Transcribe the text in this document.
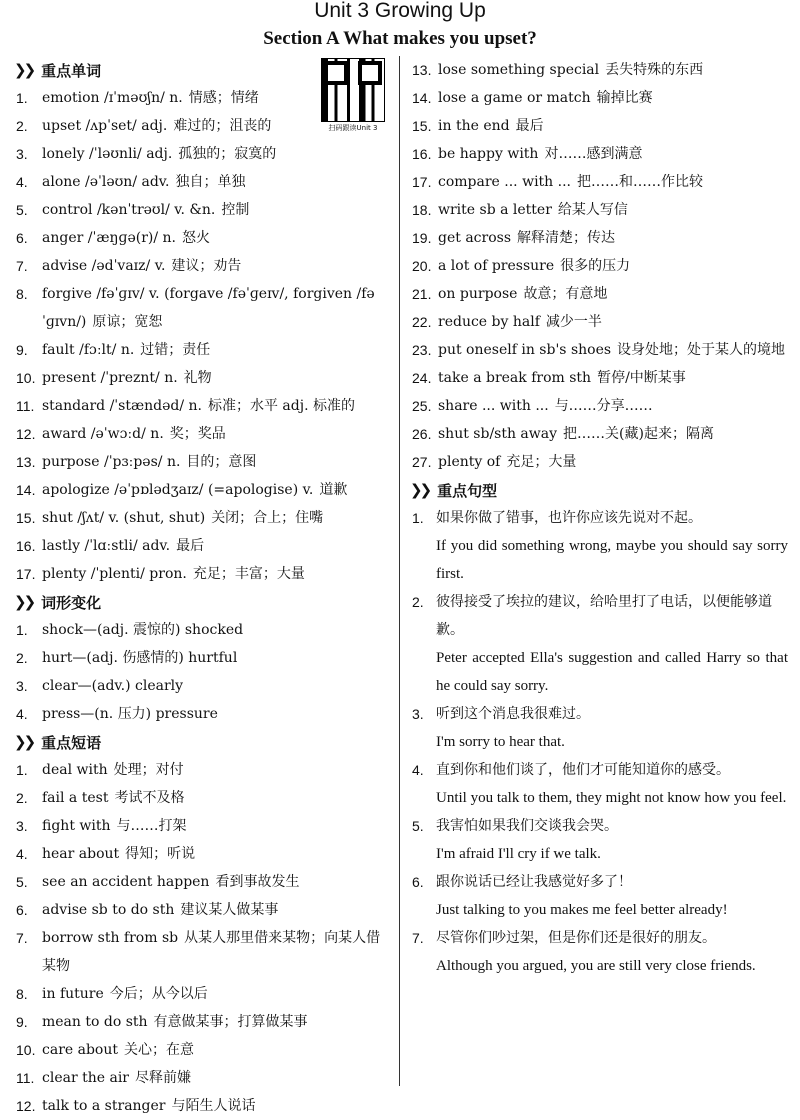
Unit 3 Growing Up
Section A What makes you upset?
扫码跟读Unit 3
❯❯ 重点单词
1. emotion /ɪˈməʊʃn/ n. 情感；情绪
2. upset /ʌpˈset/ adj. 难过的；沮丧的
3. lonely /ˈləʊnli/ adj. 孤独的；寂寞的
4. alone /əˈləʊn/ adv. 独自；单独
5. control /kənˈtrəʊl/ v. &n. 控制
6. anger /ˈæŋɡə(r)/ n. 怒火
7. advise /ədˈvaɪz/ v. 建议；劝告
8. forgive /fəˈɡɪv/ v. (forgave /fəˈɡeɪv/, forgiven /fəˈɡɪvn/) 原谅；宽恕
9. fault /fɔːlt/ n. 过错；责任
10. present /ˈpreznt/ n. 礼物
11. standard /ˈstændəd/ n. 标准；水平 adj. 标准的
12. award /əˈwɔːd/ n. 奖；奖品
13. purpose /ˈpɜːpəs/ n. 目的；意图
14. apologize /əˈpɒlədʒaɪz/ (=apologise) v. 道歉
15. shut /ʃʌt/ v. (shut, shut) 关闭；合上；住嘴
16. lastly /ˈlɑːstli/ adv. 最后
17. plenty /ˈplenti/ pron. 充足；丰富；大量
❯❯ 词形变化
1. shock—(adj. 震惊的) shocked
2. hurt—(adj. 伤感情的) hurtful
3. clear—(adv.) clearly
4. press—(n. 压力) pressure
❯❯ 重点短语
1. deal with 处理；对付
2. fail a test 考试不及格
3. fight with 与……打架
4. hear about 得知；听说
5. see an accident happen 看到事故发生
6. advise sb to do sth 建议某人做某事
7. borrow sth from sb 从某人那里借来某物；向某人借某物
8. in future 今后；从今以后
9. mean to do sth 有意做某事；打算做某事
10. care about 关心；在意
11. clear the air 尽释前嫌
12. talk to a stranger 与陌生人说话
13. lose something special 丢失特殊的东西
14. lose a game or match 输掉比赛
15. in the end 最后
16. be happy with 对……感到满意
17. compare ... with ... 把……和……作比较
18. write sb a letter 给某人写信
19. get across 解释清楚；传达
20. a lot of pressure 很多的压力
21. on purpose 故意；有意地
22. reduce by half 减少一半
23. put oneself in sb's shoes 设身处地；处于某人的境地
24. take a break from sth 暂停/中断某事
25. share ... with ... 与……分享……
26. shut sb/sth away 把……关(藏)起来；隔离
27. plenty of 充足；大量
❯❯ 重点句型
1. 如果你做了错事，也许你应该先说对不起。
If you did something wrong, maybe you should say sorry first.
2. 彼得接受了埃拉的建议，给哈里打了电话，以便能够道歉。
Peter accepted Ella's suggestion and called Harry so that he could say sorry.
3. 听到这个消息我很难过。
I'm sorry to hear that.
4. 直到你和他们谈了，他们才可能知道你的感受。
Until you talk to them, they might not know how you feel.
5. 我害怕如果我们交谈我会哭。
I'm afraid I'll cry if we talk.
6. 跟你说话已经让我感觉好多了！
Just talking to you makes me feel better already!
7. 尽管你们吵过架，但是你们还是很好的朋友。
Although you argued, you are still very close friends.
